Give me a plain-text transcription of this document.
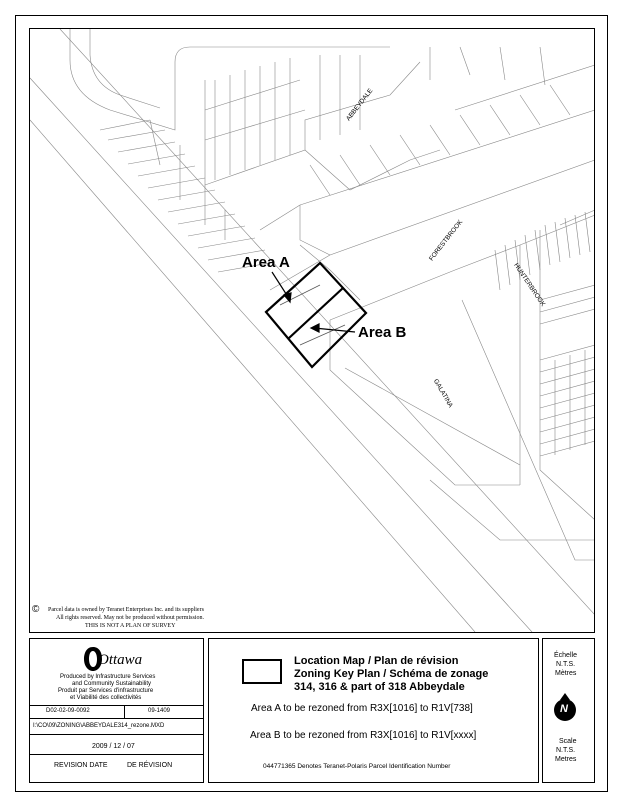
ABBEYDALE
FORESTBROOK
HUNTERBROOK
GALATINA
Area A
Area B
© Parcel data is owned by Teranet Enterprises Inc. and its suppliers
All rights reserved. May not be produced without permission.
THIS IS NOT A PLAN OF SURVEY
Ottawa
Produced by Infrastructure Services
and Community Sustainability
Produit par Services d'infrastructure
et Viabilité des collectivités
D02-02-09-0092	09-1409
I:\CO\09\ZONING\ABBEYDALE314_rezone.MXD
2009 / 12 / 07
REVISION DATE	DE RÉVISION
Location Map / Plan de révision
Zoning Key Plan / Schéma de zonage
314, 316 & part of 318 Abbeydale
Area A to be rezoned from R3X[1016] to R1V[738]
Area B to be rezoned from R3X[1016] to R1V[xxxx]
044771365 Denotes Teranet-Polaris Parcel Identification Number
Échelle
N.T.S.
Mètres
N
Scale
N.T.S.
Metres
